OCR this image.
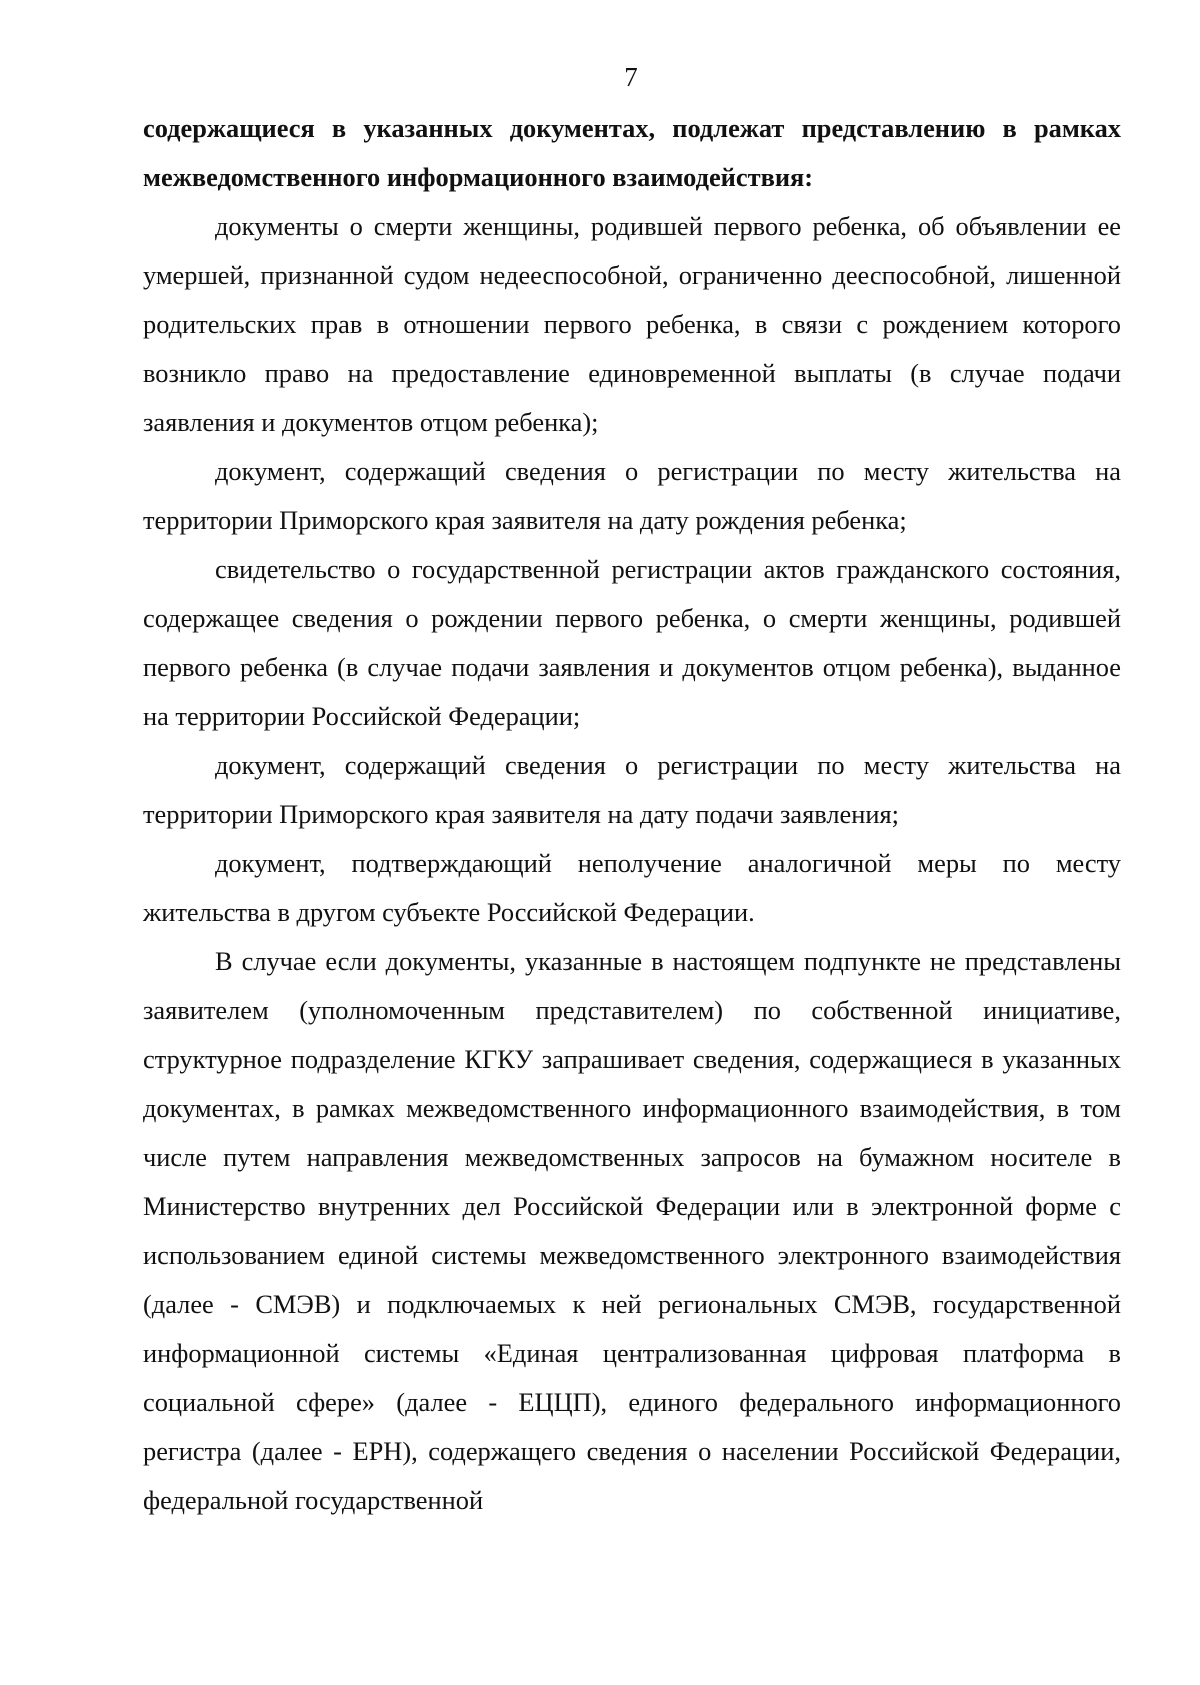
7

содержащиеся в указанных документах, подлежат представлению в рамках межведомственного информационного взаимодействия:

документы о смерти женщины, родившей первого ребенка, об объявлении ее умершей, признанной судом недееспособной, ограниченно дееспособной, лишенной родительских прав в отношении первого ребенка, в связи с рождением которого возникло право на предоставление единовременной выплаты (в случае подачи заявления и документов отцом ребенка);

документ, содержащий сведения о регистрации по месту жительства на территории Приморского края заявителя на дату рождения ребенка;

свидетельство о государственной регистрации актов гражданского состояния, содержащее сведения о рождении первого ребенка, о смерти женщины, родившей первого ребенка (в случае подачи заявления и документов отцом ребенка), выданное на территории Российской Федерации;

документ, содержащий сведения о регистрации по месту жительства на территории Приморского края заявителя на дату подачи заявления;

документ, подтверждающий неполучение аналогичной меры по месту жительства в другом субъекте Российской Федерации.

В случае если документы, указанные в настоящем подпункте не представлены заявителем (уполномоченным представителем) по собственной инициативе, структурное подразделение КГКУ запрашивает сведения, содержащиеся в указанных документах, в рамках межведомственного информационного взаимодействия, в том числе путем направления межведомственных запросов на бумажном носителе в Министерство внутренних дел Российской Федерации или в электронной форме с использованием единой системы межведомственного электронного взаимодействия (далее - СМЭВ) и подключаемых к ней региональных СМЭВ, государственной информационной системы «Единая централизованная цифровая платформа в социальной сфере» (далее - ЕЦЦП), единого федерального информационного регистра (далее - ЕРН), содержащего сведения о населении Российской Федерации, федеральной государственной
